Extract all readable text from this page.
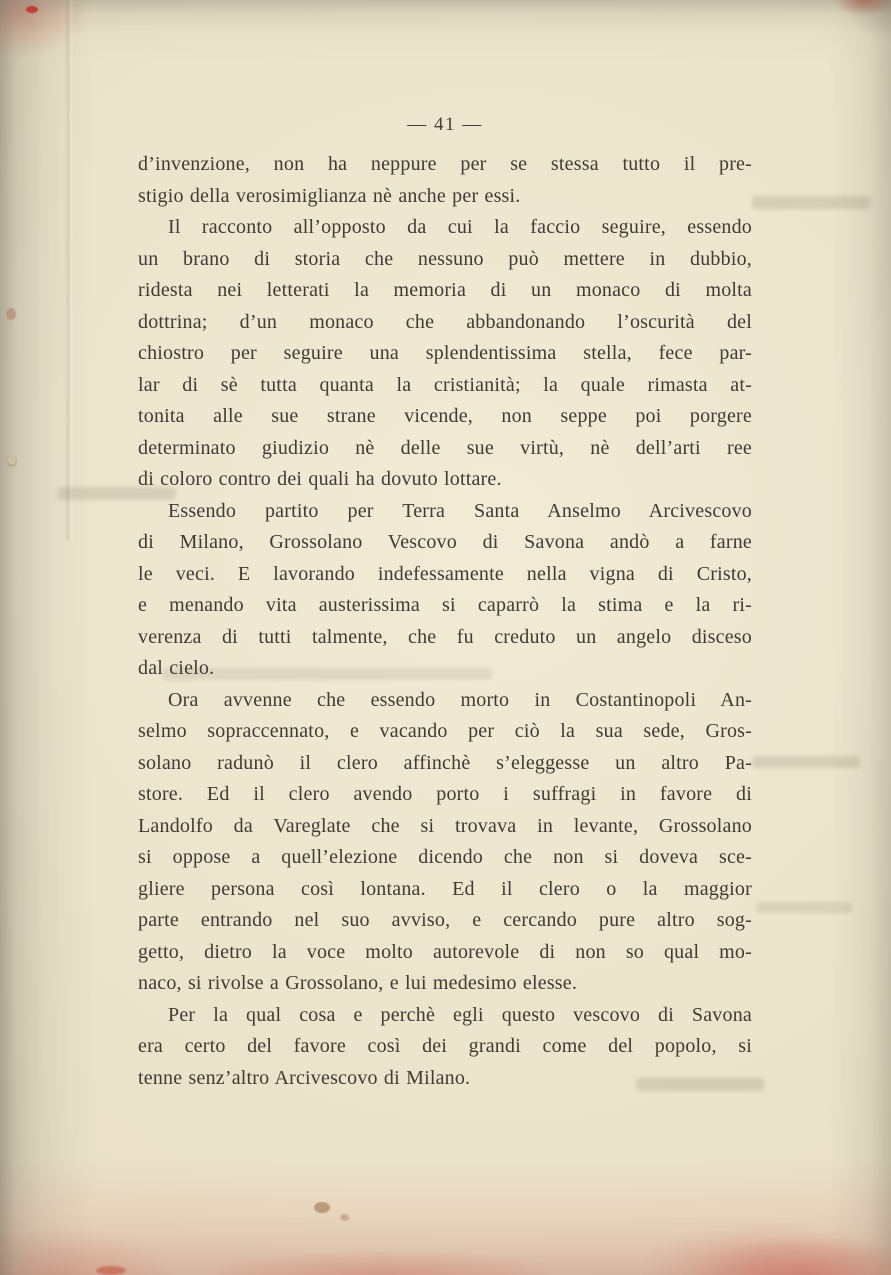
— 41 —
d’invenzione, non ha neppure per se stessa tutto il pre-
stigio della verosimiglianza nè anche per essi.
Il racconto all’opposto da cui la faccio seguire, essendo
un brano di storia che nessuno può mettere in dubbio,
ridesta nei letterati la memoria di un monaco di molta
dottrina; d’un monaco che abbandonando l’oscurità del
chiostro per seguire una splendentissima stella, fece par-
lar di sè tutta quanta la cristianità; la quale rimasta at-
tonita alle sue strane vicende, non seppe poi porgere
determinato giudizio nè delle sue virtù, nè dell’arti ree
di coloro contro dei quali ha dovuto lottare.
Essendo partito per Terra Santa Anselmo Arcivescovo
di Milano, Grossolano Vescovo di Savona andò a farne
le veci. E lavorando indefessamente nella vigna di Cristo,
e menando vita austerissima si caparrò la stima e la ri-
verenza di tutti talmente, che fu creduto un angelo disceso
dal cielo.
Ora avvenne che essendo morto in Costantinopoli An-
selmo sopraccennato, e vacando per ciò la sua sede, Gros-
solano radunò il clero affinchè s’eleggesse un altro Pa-
store. Ed il clero avendo porto i suffragi in favore di
Landolfo da Vareglate che si trovava in levante, Grossolano
si oppose a quell’elezione dicendo che non si doveva sce-
gliere persona così lontana. Ed il clero o la maggior
parte entrando nel suo avviso, e cercando pure altro sog-
getto, dietro la voce molto autorevole di non so qual mo-
naco, si rivolse a Grossolano, e lui medesimo elesse.
Per la qual cosa e perchè egli questo vescovo di Savona
era certo del favore così dei grandi come del popolo, si
tenne senz’altro Arcivescovo di Milano.
